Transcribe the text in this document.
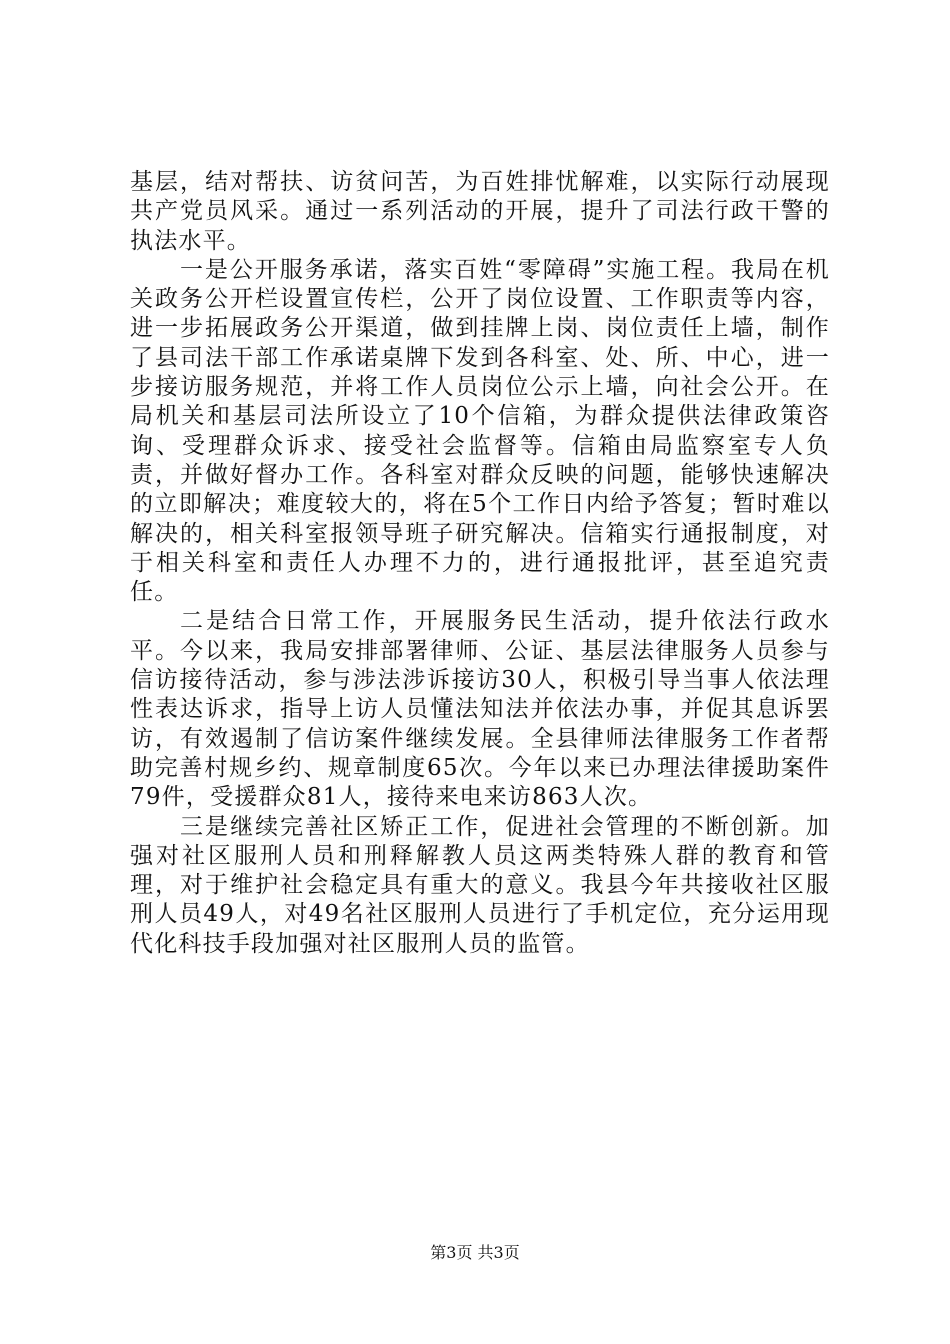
基层，结对帮扶、访贫问苦，为百姓排忧解难，以实际行动展现共产党员风采。通过一系列活动的开展，提升了司法行政干警的执法水平。

一是公开服务承诺，落实百姓“零障碍”实施工程。我局在机关政务公开栏设置宣传栏，公开了岗位设置、工作职责等内容，进一步拓展政务公开渠道，做到挂牌上岗、岗位责任上墙，制作了县司法干部工作承诺桌牌下发到各科室、处、所、中心，进一步接访服务规范，并将工作人员岗位公示上墙，向社会公开。在局机关和基层司法所设立了10个信箱，为群众提供法律政策咨询、受理群众诉求、接受社会监督等。信箱由局监察室专人负责，并做好督办工作。各科室对群众反映的问题，能够快速解决的立即解决；难度较大的，将在5个工作日内给予答复；暂时难以解决的，相关科室报领导班子研究解决。信箱实行通报制度，对于相关科室和责任人办理不力的，进行通报批评，甚至追究责任。

二是结合日常工作，开展服务民生活动，提升依法行政水平。今以来，我局安排部署律师、公证、基层法律服务人员参与信访接待活动，参与涉法涉诉接访30人，积极引导当事人依法理性表达诉求，指导上访人员懂法知法并依法办事，并促其息诉罢访，有效遏制了信访案件继续发展。全县律师法律服务工作者帮助完善村规乡约、规章制度65次。今年以来已办理法律援助案件79件，受援群众81人，接待来电来访863人次。

三是继续完善社区矫正工作，促进社会管理的不断创新。加强对社区服刑人员和刑释解教人员这两类特殊人群的教育和管理，对于维护社会稳定具有重大的意义。我县今年共接收社区服刑人员49人，对49名社区服刑人员进行了手机定位，充分运用现代化科技手段加强对社区服刑人员的监管。

第3页 共3页
